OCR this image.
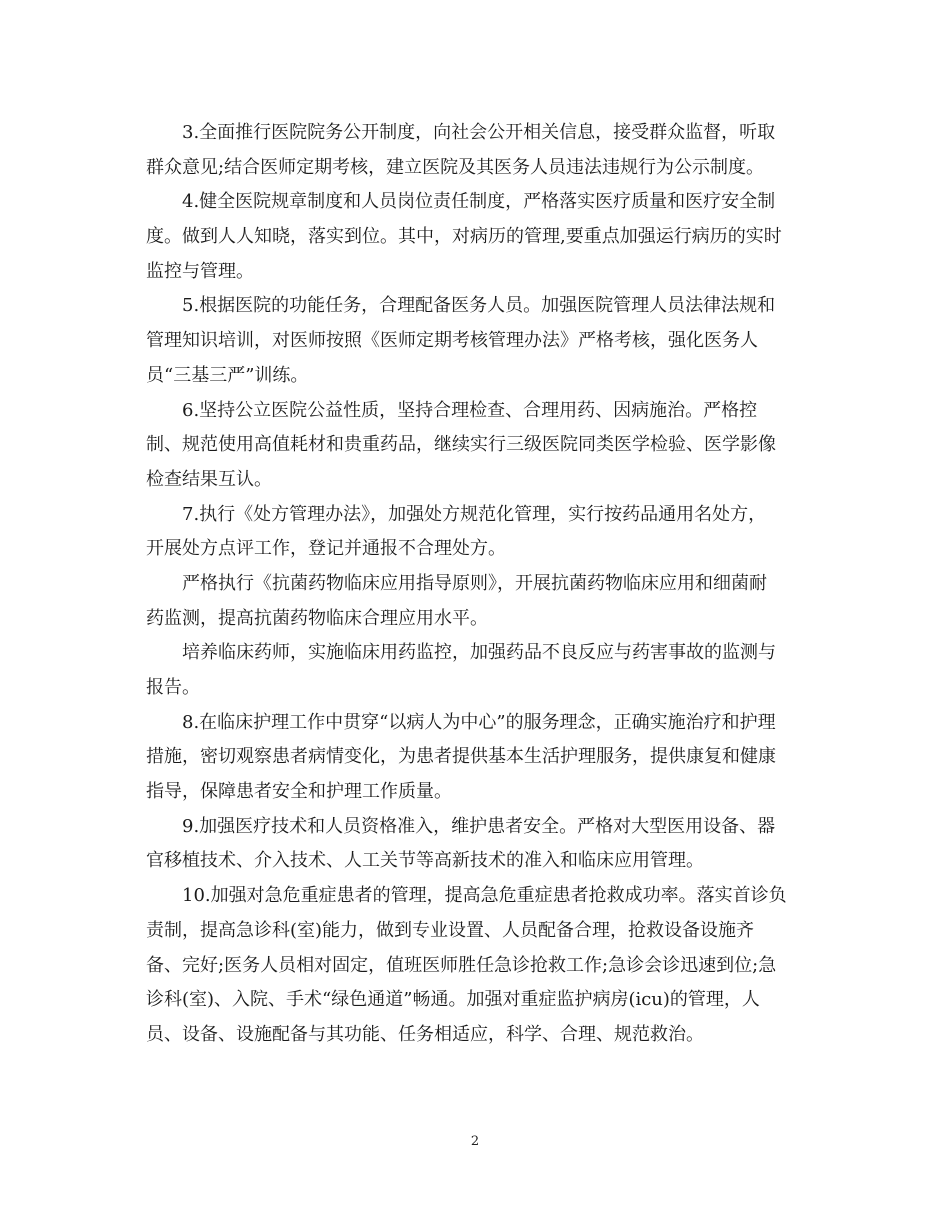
3.全面推行医院院务公开制度，向社会公开相关信息，接受群众监督，听取
群众意见;结合医师定期考核，建立医院及其医务人员违法违规行为公示制度。
4.健全医院规章制度和人员岗位责任制度，严格落实医疗质量和医疗安全制
度。做到人人知晓，落实到位。其中，对病历的管理,要重点加强运行病历的实时
监控与管理。
5.根据医院的功能任务，合理配备医务人员。加强医院管理人员法律法规和
管理知识培训，对医师按照《医师定期考核管理办法》严格考核，强化医务人
员“三基三严”训练。
6.坚持公立医院公益性质，坚持合理检查、合理用药、因病施治。严格控
制、规范使用高值耗材和贵重药品，继续实行三级医院同类医学检验、医学影像
检查结果互认。
7.执行《处方管理办法》，加强处方规范化管理，实行按药品通用名处方，
开展处方点评工作，登记并通报不合理处方。
严格执行《抗菌药物临床应用指导原则》，开展抗菌药物临床应用和细菌耐
药监测，提高抗菌药物临床合理应用水平。
培养临床药师，实施临床用药监控，加强药品不良反应与药害事故的监测与
报告。
8.在临床护理工作中贯穿“以病人为中心”的服务理念，正确实施治疗和护理
措施，密切观察患者病情变化，为患者提供基本生活护理服务，提供康复和健康
指导，保障患者安全和护理工作质量。
9.加强医疗技术和人员资格准入，维护患者安全。严格对大型医用设备、器
官移植技术、介入技术、人工关节等高新技术的准入和临床应用管理。
10.加强对急危重症患者的管理，提高急危重症患者抢救成功率。落实首诊负
责制，提高急诊科(室)能力，做到专业设置、人员配备合理，抢救设备设施齐
备、完好;医务人员相对固定，值班医师胜任急诊抢救工作;急诊会诊迅速到位;急
诊科(室)、入院、手术“绿色通道”畅通。加强对重症监护病房(icu)的管理，人
员、设备、设施配备与其功能、任务相适应，科学、合理、规范救治。
2
